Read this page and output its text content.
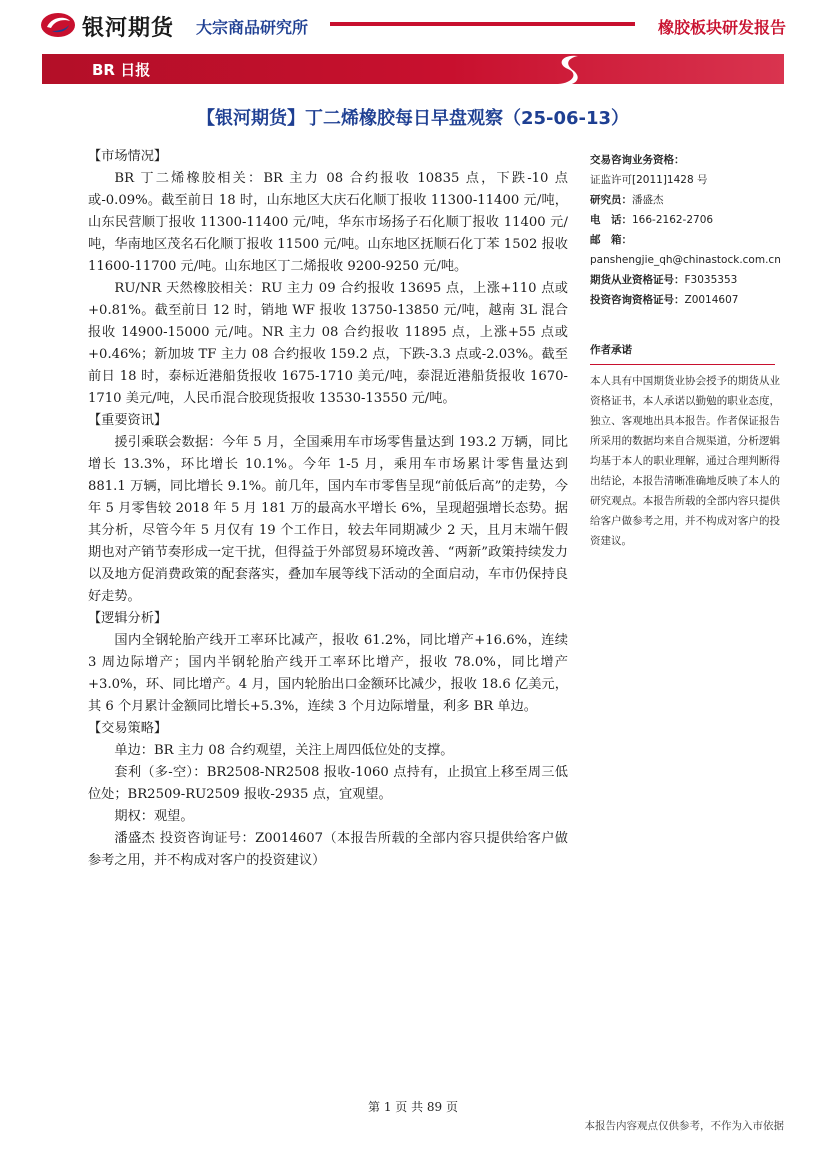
银河期货 大宗商品研究所	橡胶板块研发报告
BR 日报
【银河期货】丁二烯橡胶每日早盘观察（25-06-13）

【市场情况】

BR 丁二烯橡胶相关：BR 主力 08 合约报收 10835 点，下跌-10 点或-0.09%。截至前日 18 时，山东地区大庆石化顺丁报收 11300-11400 元/吨，山东民营顺丁报收 11300-11400 元/吨，华东市场扬子石化顺丁报收 11400 元/吨，华南地区茂名石化顺丁报收 11500 元/吨。山东地区抚顺石化丁苯 1502 报收 11600-11700 元/吨。山东地区丁二烯报收 9200-9250 元/吨。

RU/NR 天然橡胶相关：RU 主力 09 合约报收 13695 点，上涨+110 点或+0.81%。截至前日 12 时，销地 WF 报收 13750-13850 元/吨，越南 3L 混合报收 14900-15000 元/吨。NR 主力 08 合约报收 11895 点，上涨+55 点或+0.46%；新加坡 TF 主力 08 合约报收 159.2 点，下跌-3.3 点或-2.03%。截至前日 18 时，泰标近港船货报收 1675-1710 美元/吨，泰混近港船货报收 1670-1710 美元/吨，人民币混合胶现货报收 13530-13550 元/吨。

【重要资讯】

援引乘联会数据：今年 5 月，全国乘用车市场零售量达到 193.2 万辆，同比增长 13.3%，环比增长 10.1%。今年 1-5 月，乘用车市场累计零售量达到 881.1 万辆，同比增长 9.1%。前几年，国内车市零售呈现“前低后高”的走势，今年 5 月零售较 2018 年 5 月 181 万的最高水平增长 6%，呈现超强增长态势。据其分析，尽管今年 5 月仅有 19 个工作日，较去年同期减少 2 天，且月末端午假期也对产销节奏形成一定干扰，但得益于外部贸易环境改善、“两新”政策持续发力以及地方促消费政策的配套落实，叠加车展等线下活动的全面启动，车市仍保持良好走势。

【逻辑分析】

国内全钢轮胎产线开工率环比减产，报收 61.2%，同比增产+16.6%，连续 3 周边际增产；国内半钢轮胎产线开工率环比增产，报收 78.0%，同比增产+3.0%，环、同比增产。4 月，国内轮胎出口金额环比减少，报收 18.6 亿美元，其 6 个月累计金额同比增长+5.3%，连续 3 个月边际增量，利多 BR 单边。

【交易策略】

单边：BR 主力 08 合约观望，关注上周四低位处的支撑。

套利（多-空）：BR2508-NR2508 报收-1060 点持有，止损宜上移至周三低位处；BR2509-RU2509 报收-2935 点，宜观望。

期权：观望。

潘盛杰 投资咨询证号：Z0014607（本报告所载的全部内容只提供给客户做参考之用，并不构成对客户的投资建议）

交易咨询业务资格：
证监许可[2011]1428 号
研究员：潘盛杰
电　话：166-2162-2706
邮　箱：
panshengjie_qh@chinastock.com.cn
期货从业资格证号：F3035353
投资咨询资格证号：Z0014607
作者承诺
本人具有中国期货业协会授予的期货从业资格证书，本人承诺以勤勉的职业态度，独立、客观地出具本报告。作者保证报告所采用的数据均来自合规渠道，分析逻辑均基于本人的职业理解，通过合理判断得出结论，本报告清晰准确地反映了本人的研究观点。本报告所载的全部内容只提供给客户做参考之用，并不构成对客户的投资建议。
第 1 页 共 89 页
本报告内容观点仅供参考，不作为入市依据
